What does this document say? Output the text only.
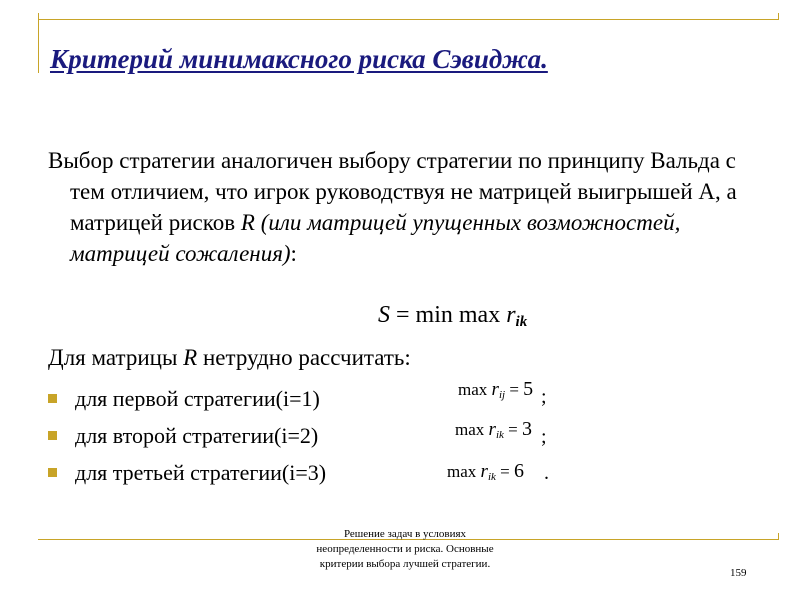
Критерий минимаксного риска Сэвиджа.
Выбор стратегии аналогичен выбору стратегии по принципу Вальда с тем отличием, что игрок руководствуя не матрицей выигрышей А, а матрицей рисков R (или матрицей упущенных возможностей, матрицей сожаления):
S = min max rik
Для матрицы R нетрудно рассчитать:
для первой стратегии(i=1)	max rij = 5 ;
для второй стратегии(i=2)	max rik = 3 ;
для третьей стратегии(i=3)	max rik = 6 .
Решение задач в условиях
неопределенности и риска. Основные
критерии выбора лучшей стратегии.
159
